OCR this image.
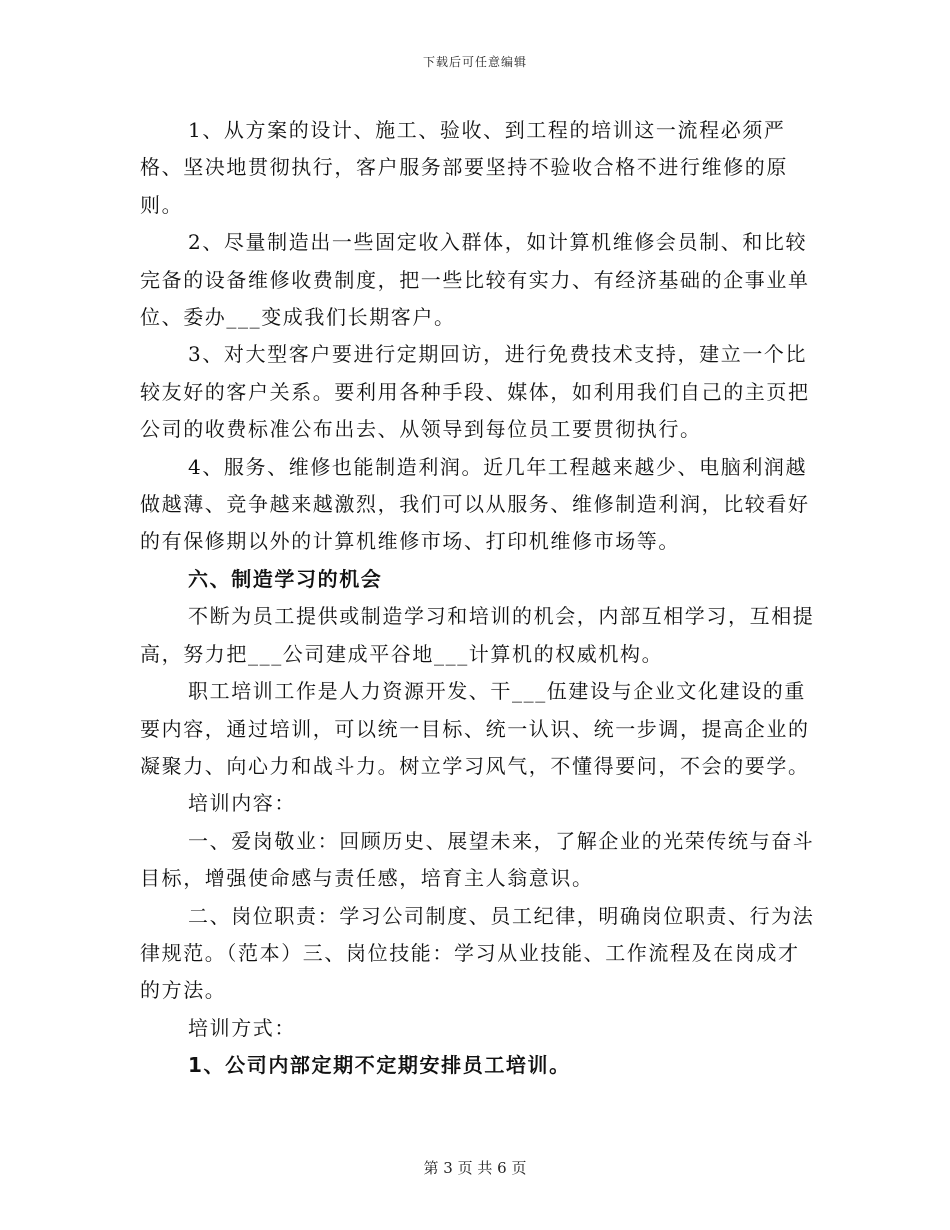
下载后可任意编辑

1、从方案的设计、施工、验收、到工程的培训这一流程必须严格、坚决地贯彻执行，客户服务部要坚持不验收合格不进行维修的原则。

2、尽量制造出一些固定收入群体，如计算机维修会员制、和比较完备的设备维修收费制度，把一些比较有实力、有经济基础的企事业单位、委办___变成我们长期客户。

3、对大型客户要进行定期回访，进行免费技术支持，建立一个比较友好的客户关系。要利用各种手段、媒体，如利用我们自己的主页把公司的收费标准公布出去、从领导到每位员工要贯彻执行。

4、服务、维修也能制造利润。近几年工程越来越少、电脑利润越做越薄、竞争越来越激烈，我们可以从服务、维修制造利润，比较看好的有保修期以外的计算机维修市场、打印机维修市场等。

六、制造学习的机会

不断为员工提供或制造学习和培训的机会，内部互相学习，互相提高，努力把___公司建成平谷地___计算机的权威机构。

职工培训工作是人力资源开发、干___伍建设与企业文化建设的重要内容，通过培训，可以统一目标、统一认识、统一步调，提高企业的凝聚力、向心力和战斗力。树立学习风气，不懂得要问，不会的要学。

培训内容：

一、爱岗敬业：回顾历史、展望未来，了解企业的光荣传统与奋斗目标，增强使命感与责任感，培育主人翁意识。

二、岗位职责：学习公司制度、员工纪律，明确岗位职责、行为法律规范。（范本）三、岗位技能：学习从业技能、工作流程及在岗成才的方法。

培训方式：

1、公司内部定期不定期安排员工培训。

第 3 页 共 6 页
